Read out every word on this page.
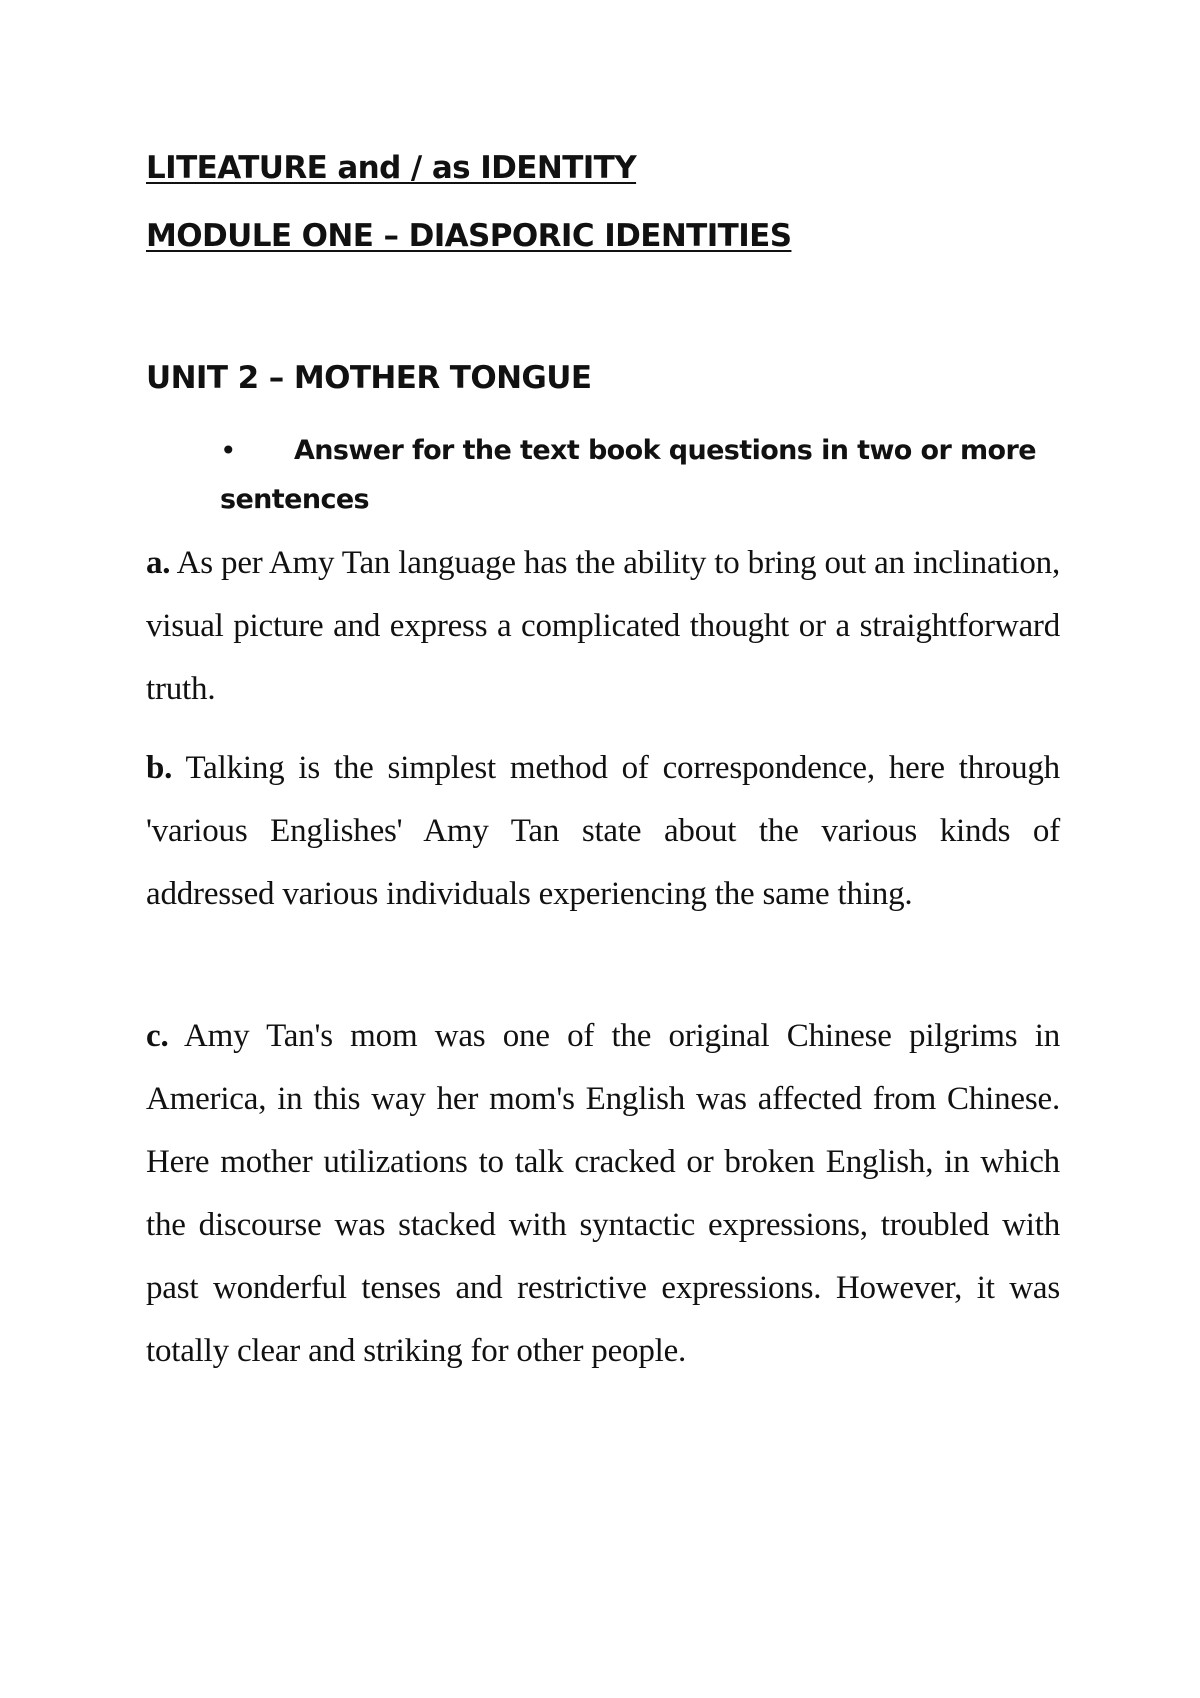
LITEATURE and / as IDENTITY
MODULE ONE – DIASPORIC IDENTITIES
UNIT 2 – MOTHER TONGUE
•	Answer for the text book questions in two or more
sentences

a. As per Amy Tan language has the ability to bring out an inclination, visual picture and express a complicated thought or a straightforward truth.

b. Talking is the simplest method of correspondence, here through 'various Englishes' Amy Tan state about the various kinds of addressed various individuals experiencing the same thing.

c. Amy Tan's mom was one of the original Chinese pilgrims in America, in this way her mom's English was affected from Chinese. Here mother utilizations to talk cracked or broken English, in which the discourse was stacked with syntactic expressions, troubled with past wonderful tenses and restrictive expressions. However, it was totally clear and striking for other people.
